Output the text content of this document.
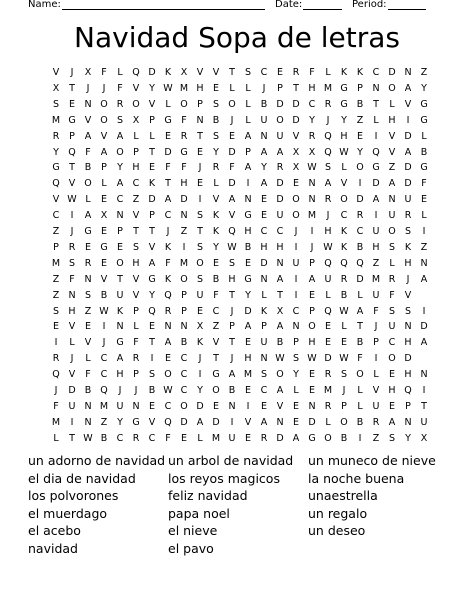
Name:	Date:	Period:
Navidad Sopa de letras
V	J	X	F	L	Q D K	X	V	V	T	S	C	E	R	F	L	K	K	C D N Z
X	T	J	J	F	V	Y W M H E	L	L	J	P	T	H M G P	N O A	Y
S	E N O R O V	L	O P	S O	L	B D D C R G B	T	L	V G
M G V O S	X	P G	F	N B	J	L	U O D Y	J	Y	Z	L	H	I	G
R	P	A	V	A	L	L	E	R	T	S	E	A N U V R Q H E	I	V D	L
Y Q	F	A O P	T D G E	Y D P	A	A X X Q W Y Q V	A B
G T	B	P	Y	H E	F	F	J	R	F	A	Y	R X W S	L	O G Z D G
Q V O	L	A C	K	T	H E	L	D	I	A D E N A	V	I	D A D	F
V W L	E	C Z D A D	I	V	A N E D O N R O D A N U	E
C	I	A X N V	P	C N S	K	V G E	U O M	J	C R	I	U R	L
Z	J	G E	P	T	T	J	Z	T	K Q H C C	J	I	H K	C U O S	I
P	R	E G E	S	V	K	I	S	Y W B H H	I	J	W K	B H S	K	Z
M S	R	E O H A	F M O E	S	E D N U	P Q Q Q Z	L	H N
Z	F	N V	T	V G K O S	B H G N A	I	A U R D M R	J	A
Z N S	B U V	Y Q P	U	F	T	Y	L	T	I	E	L	B	L	U	F	V
S H Z W K	P Q R	P	E	C	J	D K	X C	P Q W A	F	S	S	I
E	V	E	I	N	L	E N N X Z	P	A	P	A N O E	L	T	J	U N D
I	L	V	J	G	F	T	A B	K	V	T	E	U B	P	H E	E	B	P	C H A
R	J	L	C A R	I	E	C	J	T	J	H N W S W D W F	I	O D
Q V	F	C H	P	S O C	I	G A M S O Y	E	R	S O	L	E H N
J	D B Q	J	J	B W C	Y O B	E	C A	L	E M	J	L	V H Q	I
F	U N M U N E	C O D E N	I	E	V	E N R	P	L	U	E	P	T
M	I	N Z	Y G V Q D A D	I	V	A N E D	L	O B R A N U
L	T W B C R C	F	E	L M U	E	R D A G O B	I	Z	S	Y	X
un adorno de navidad
el dia de navidad
los polvorones
el muerdago
el acebo
navidad
un arbol de navidad
los reyos magicos
feliz navidad
papa noel
el nieve
el pavo
un muneco de nieve
la noche buena
unaestrella
un regalo
un deseo
